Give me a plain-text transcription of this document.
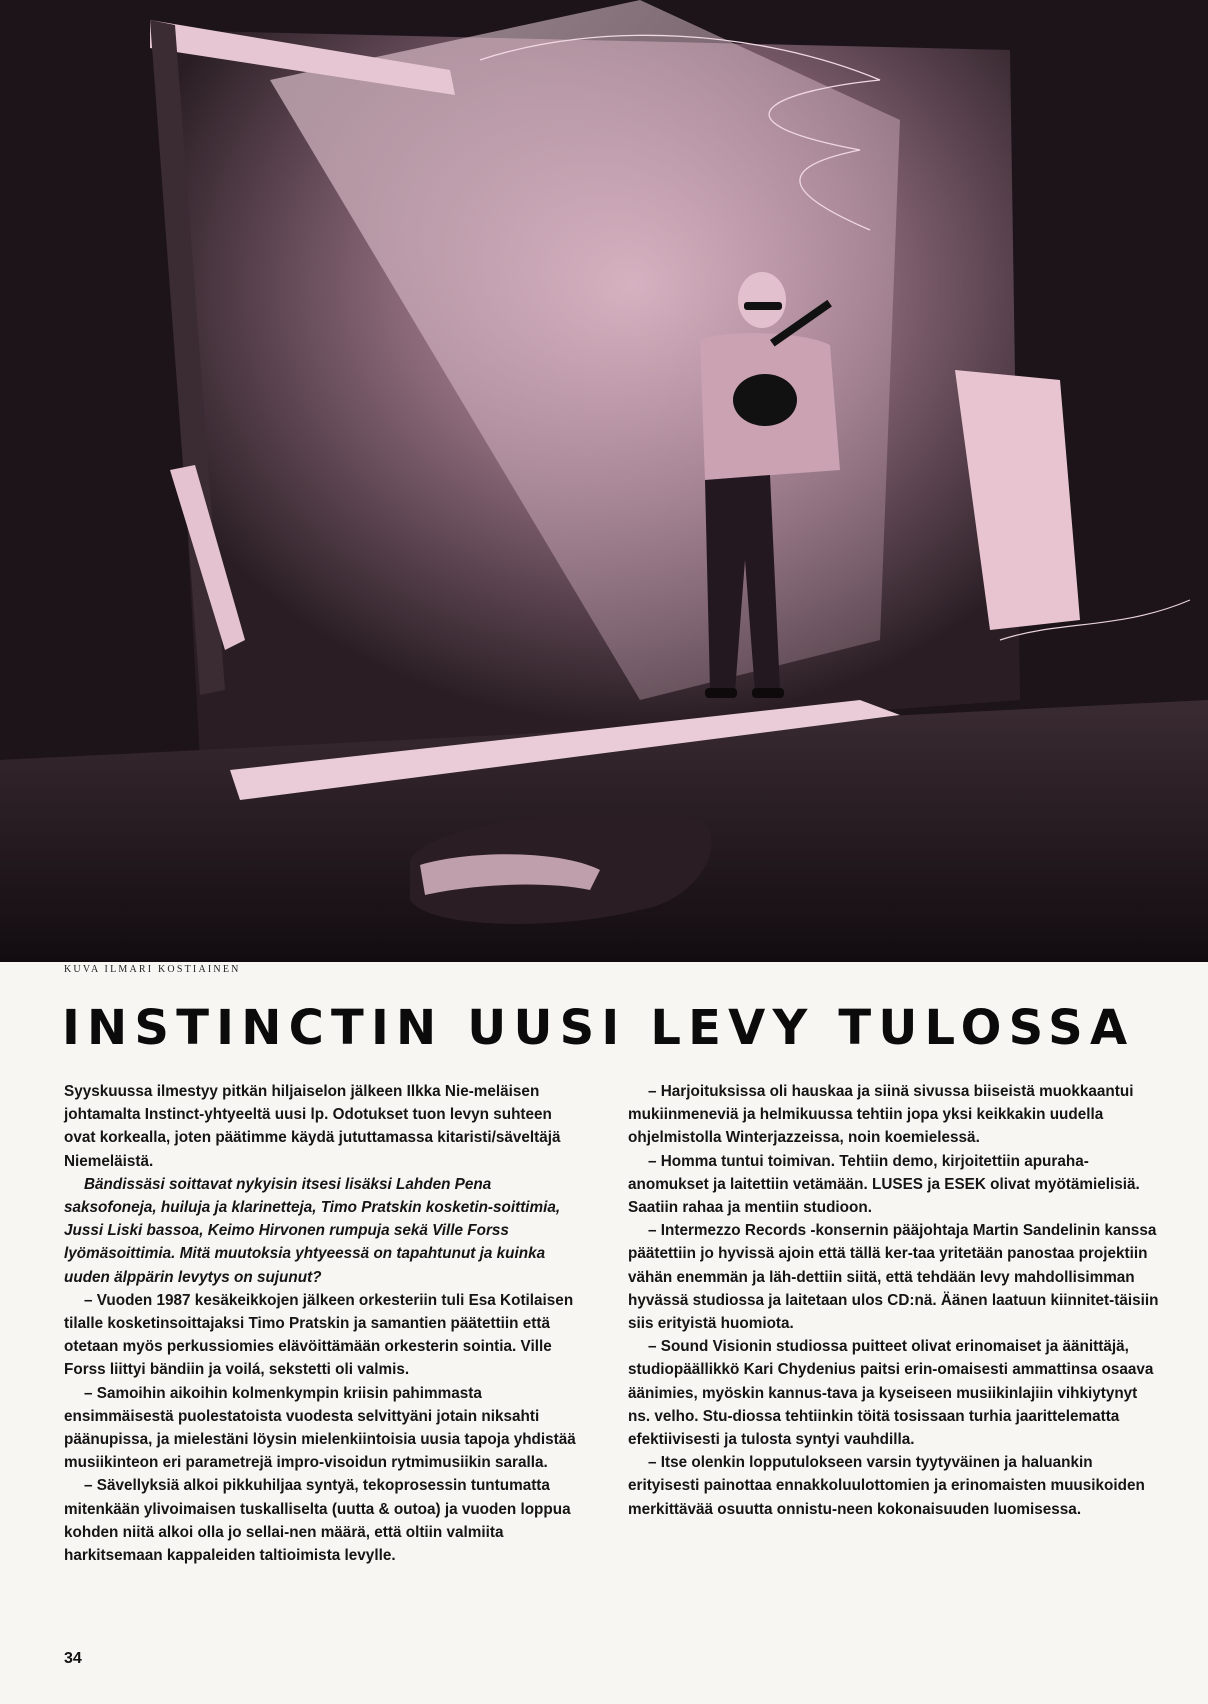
KUVA ILMARI KOSTIAINEN
INSTINCTIN UUSI LEVY TULOSSA

Syyskuussa ilmestyy pitkän hiljaiselon jälkeen Ilkka Nie-meläisen johtamalta Instinct-yhtyeeltä uusi lp. Odotukset tuon levyn suhteen ovat korkealla, joten päätimme käydä jututtamassa kitaristi/säveltäjä Niemeläistä.

Bändissäsi soittavat nykyisin itsesi lisäksi Lahden Pena saksofoneja, huiluja ja klarinetteja, Timo Pratskin kosketin-soittimia, Jussi Liski bassoa, Keimo Hirvonen rumpuja sekä Ville Forss lyömäsoittimia. Mitä muutoksia yhtyeessä on tapahtunut ja kuinka uuden älppärin levytys on sujunut?

– Vuoden 1987 kesäkeikkojen jälkeen orkesteriin tuli Esa Kotilaisen tilalle kosketinsoittajaksi Timo Pratskin ja samantien päätettiin että otetaan myös perkussiomies elävöittämään orkesterin sointia. Ville Forss liittyi bändiin ja voilá, sekstetti oli valmis.

– Samoihin aikoihin kolmenkympin kriisin pahimmasta ensimmäisestä puolestatoista vuodesta selvittyäni jotain niksahti päänupissa, ja mielestäni löysin mielenkiintoisia uusia tapoja yhdistää musiikinteon eri parametrejä impro-visoidun rytmimusiikin saralla.

– Sävellyksiä alkoi pikkuhiljaa syntyä, tekoprosessin tuntumatta mitenkään ylivoimaisen tuskalliselta (uutta & outoa) ja vuoden loppua kohden niitä alkoi olla jo sellai-nen määrä, että oltiin valmiita harkitsemaan kappaleiden taltioimista levylle.

– Harjoituksissa oli hauskaa ja siinä sivussa biiseistä muokkaantui mukiinmeneviä ja helmikuussa tehtiin jopa yksi keikkakin uudella ohjelmistolla Winterjazzeissa, noin koemielessä.

– Homma tuntui toimivan. Tehtiin demo, kirjoitettiin apuraha-anomukset ja laitettiin vetämään. LUSES ja ESEK olivat myötämielisiä. Saatiin rahaa ja mentiin studioon.

– Intermezzo Records -konsernin pääjohtaja Martin Sandelinin kanssa päätettiin jo hyvissä ajoin että tällä ker-taa yritetään panostaa projektiin vähän enemmän ja läh-dettiin siitä, että tehdään levy mahdollisimman hyvässä studiossa ja laitetaan ulos CD:nä. Äänen laatuun kiinnitet-täisiin siis erityistä huomiota.

– Sound Visionin studiossa puitteet olivat erinomaiset ja äänittäjä, studiopäällikkö Kari Chydenius paitsi erin-omaisesti ammattinsa osaava äänimies, myöskin kannus-tava ja kyseiseen musiikinlajiin vihkiytynyt ns. velho. Stu-diossa tehtiinkin töitä tosissaan turhia jaarittelematta efektiivisesti ja tulosta syntyi vauhdilla.

– Itse olenkin lopputulokseen varsin tyytyväinen ja haluankin erityisesti painottaa ennakkoluulottomien ja erinomaisten muusikoiden merkittävää osuutta onnistu-neen kokonaisuuden luomisessa.

34
